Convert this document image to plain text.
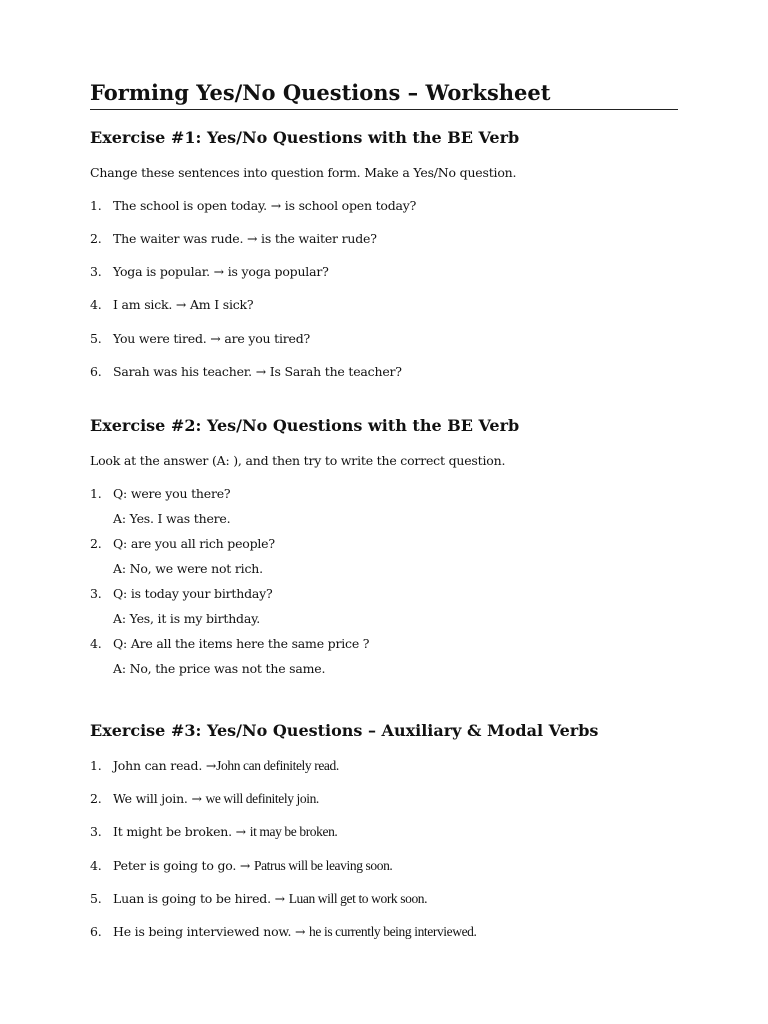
Forming Yes/No Questions – Worksheet
Exercise #1: Yes/No Questions with the BE Verb
Change these sentences into question form. Make a Yes/No question.
1. The school is open today. → is school open today?
2. The waiter was rude. → is the waiter rude?
3. Yoga is popular. → is yoga popular?
4. I am sick. → Am I sick?
5. You were tired. → are you tired?
6. Sarah was his teacher. → Is Sarah the teacher?
Exercise #2: Yes/No Questions with the BE Verb
Look at the answer (A: ), and then try to write the correct question.
1. Q: were you there?
A: Yes. I was there.
2. Q: are you all rich people?
A: No, we were not rich.
3. Q: is today your birthday?
A: Yes, it is my birthday.
4. Q: Are all the items here the same price ?
A: No, the price was not the same.
Exercise #3: Yes/No Questions – Auxiliary & Modal Verbs
1. John can read. →John can definitely read.
2. We will join. → we will definitely join.
3. It might be broken. → it may be broken.
4. Peter is going to go. → Patrus will be leaving soon.
5. Luan is going to be hired. → Luan will get to work soon.
6. He is being interviewed now. → he is currently being interviewed.
